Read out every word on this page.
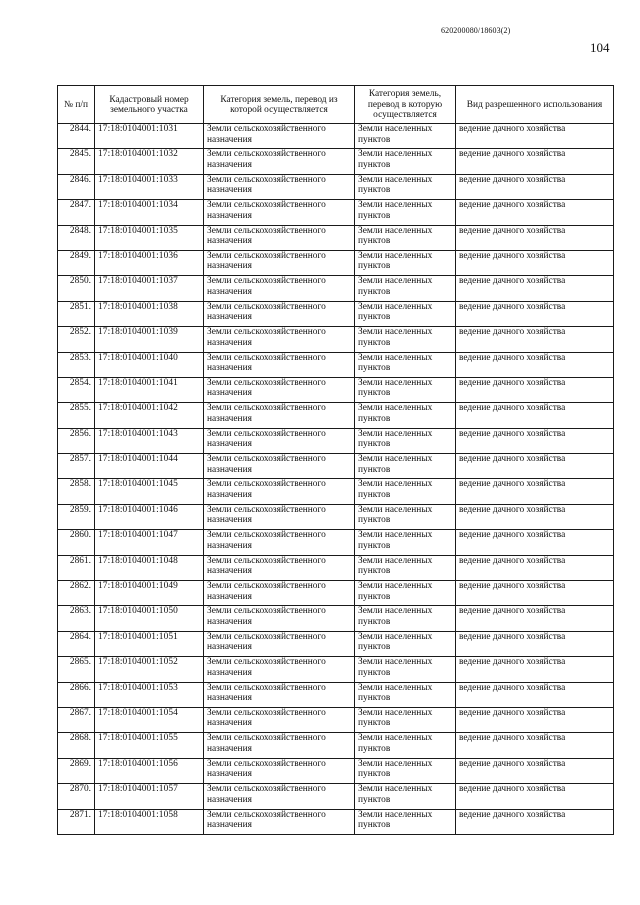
620200080/18603(2)
104
№ п/п	Кадастровый номер земельного участка	Категория земель, перевод из которой осуществляется	Категория земель, перевод в которую осуществляется	Вид разрешенного использования
2844.	17:18:0104001:1031	Земли сельскохозяйственного назначения	Земли населенных пунктов	ведение дачного хозяйства
2845.	17:18:0104001:1032	Земли сельскохозяйственного назначения	Земли населенных пунктов	ведение дачного хозяйства
2846.	17:18:0104001:1033	Земли сельскохозяйственного назначения	Земли населенных пунктов	ведение дачного хозяйства
2847.	17:18:0104001:1034	Земли сельскохозяйственного назначения	Земли населенных пунктов	ведение дачного хозяйства
2848.	17:18:0104001:1035	Земли сельскохозяйственного назначения	Земли населенных пунктов	ведение дачного хозяйства
2849.	17:18:0104001:1036	Земли сельскохозяйственного назначения	Земли населенных пунктов	ведение дачного хозяйства
2850.	17:18:0104001:1037	Земли сельскохозяйственного назначения	Земли населенных пунктов	ведение дачного хозяйства
2851.	17:18:0104001:1038	Земли сельскохозяйственного назначения	Земли населенных пунктов	ведение дачного хозяйства
2852.	17:18:0104001:1039	Земли сельскохозяйственного назначения	Земли населенных пунктов	ведение дачного хозяйства
2853.	17:18:0104001:1040	Земли сельскохозяйственного назначения	Земли населенных пунктов	ведение дачного хозяйства
2854.	17:18:0104001:1041	Земли сельскохозяйственного назначения	Земли населенных пунктов	ведение дачного хозяйства
2855.	17:18:0104001:1042	Земли сельскохозяйственного назначения	Земли населенных пунктов	ведение дачного хозяйства
2856.	17:18:0104001:1043	Земли сельскохозяйственного назначения	Земли населенных пунктов	ведение дачного хозяйства
2857.	17:18:0104001:1044	Земли сельскохозяйственного назначения	Земли населенных пунктов	ведение дачного хозяйства
2858.	17:18:0104001:1045	Земли сельскохозяйственного назначения	Земли населенных пунктов	ведение дачного хозяйства
2859.	17:18:0104001:1046	Земли сельскохозяйственного назначения	Земли населенных пунктов	ведение дачного хозяйства
2860.	17:18:0104001:1047	Земли сельскохозяйственного назначения	Земли населенных пунктов	ведение дачного хозяйства
2861.	17:18:0104001:1048	Земли сельскохозяйственного назначения	Земли населенных пунктов	ведение дачного хозяйства
2862.	17:18:0104001:1049	Земли сельскохозяйственного назначения	Земли населенных пунктов	ведение дачного хозяйства
2863.	17:18:0104001:1050	Земли сельскохозяйственного назначения	Земли населенных пунктов	ведение дачного хозяйства
2864.	17:18:0104001:1051	Земли сельскохозяйственного назначения	Земли населенных пунктов	ведение дачного хозяйства
2865.	17:18:0104001:1052	Земли сельскохозяйственного назначения	Земли населенных пунктов	ведение дачного хозяйства
2866.	17:18:0104001:1053	Земли сельскохозяйственного назначения	Земли населенных пунктов	ведение дачного хозяйства
2867.	17:18:0104001:1054	Земли сельскохозяйственного назначения	Земли населенных пунктов	ведение дачного хозяйства
2868.	17:18:0104001:1055	Земли сельскохозяйственного назначения	Земли населенных пунктов	ведение дачного хозяйства
2869.	17:18:0104001:1056	Земли сельскохозяйственного назначения	Земли населенных пунктов	ведение дачного хозяйства
2870.	17:18:0104001:1057	Земли сельскохозяйственного назначения	Земли населенных пунктов	ведение дачного хозяйства
2871.	17:18:0104001:1058	Земли сельскохозяйственного назначения	Земли населенных пунктов	ведение дачного хозяйства
